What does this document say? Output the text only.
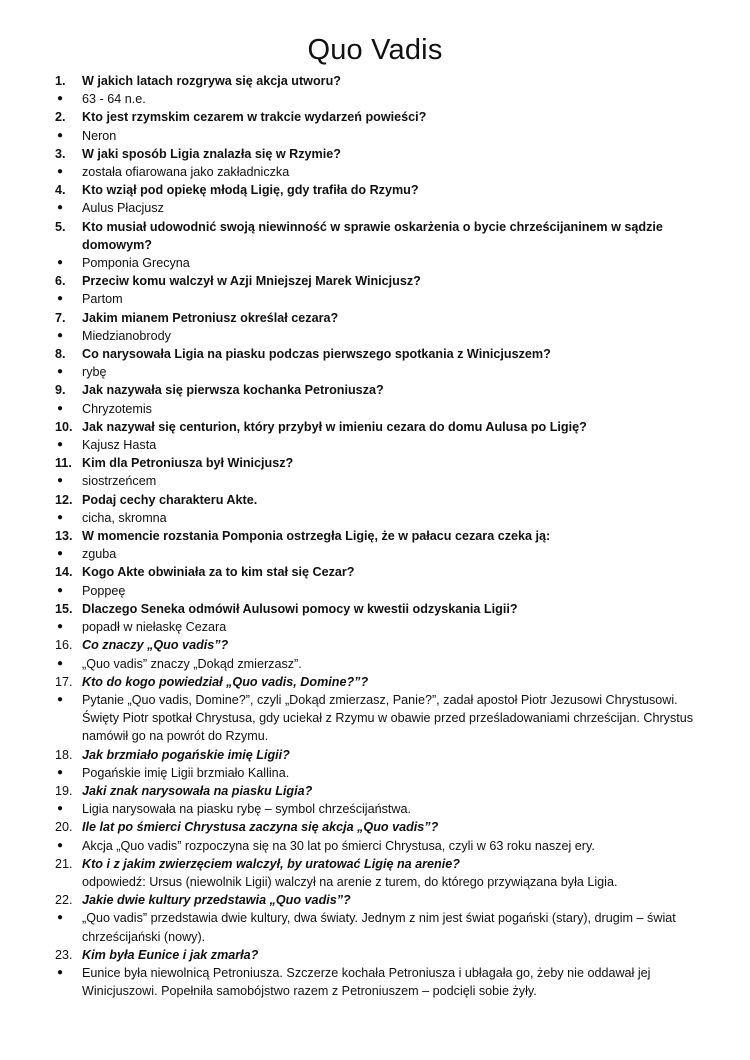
Quo Vadis
1.	W jakich latach rozgrywa się akcja utworu?
●	63 - 64 n.e.
2.	Kto jest rzymskim cezarem w trakcie wydarzeń powieści?
●	Neron
3.	W jaki sposób Ligia znalazła się w Rzymie?
●	została ofiarowana jako zakładniczka
4.	Kto wziął pod opiekę młodą Ligię, gdy trafiła do Rzymu?
●	Aulus Płacjusz
5.	Kto musiał udowodnić swoją niewinność w sprawie oskarżenia o bycie chrześcijaninem w sądzie domowym?
●	Pomponia Grecyna
6.	Przeciw komu walczył w Azji Mniejszej Marek Winicjusz?
●	Partom
7.	Jakim mianem Petroniusz określał cezara?
●	Miedzianobrody
8.	Co narysowała Ligia na piasku podczas pierwszego spotkania z Winicjuszem?
●	rybę
9.	Jak nazywała się pierwsza kochanka Petroniusza?
●	Chryzotemis
10. Jak nazywał się centurion, który przybył w imieniu cezara do domu Aulusa po Ligię?
●	Kajusz Hasta
11. Kim dla Petroniusza był Winicjusz?
●	siostrzeńcem
12. Podaj cechy charakteru Akte.
●	cicha, skromna
13. W momencie rozstania Pomponia ostrzegła Ligię, że w pałacu cezara czeka ją:
●	zguba
14. Kogo Akte obwiniała za to kim stał się Cezar?
●	Poppeę
15. Dlaczego Seneka odmówił Aulusowi pomocy w kwestii odzyskania Ligii?
●	popadł w niełaskę Cezara
16. Co znaczy „Quo vadis”?
●	„Quo vadis” znaczy „Dokąd zmierzasz”.
17. Kto do kogo powiedział „Quo vadis, Domine?”?
●	Pytanie „Quo vadis, Domine?”, czyli „Dokąd zmierzasz, Panie?”, zadał apostoł Piotr Jezusowi Chrystusowi. Święty Piotr spotkał Chrystusa, gdy uciekał z Rzymu w obawie przed prześladowaniami chrześcijan. Chrystus namówił go na powrót do Rzymu.
18. Jak brzmiało pogańskie imię Ligii?
●	Pogańskie imię Ligii brzmiało Kallina.
19. Jaki znak narysowała na piasku Ligia?
●	Ligia narysowała na piasku rybę – symbol chrześcijaństwa.
20. Ile lat po śmierci Chrystusa zaczyna się akcja „Quo vadis”?
●	Akcja „Quo vadis” rozpoczyna się na 30 lat po śmierci Chrystusa, czyli w 63 roku naszej ery.
21. Kto i z jakim zwierzęciem walczył, by uratować Ligię na arenie?
odpowiedź: Ursus (niewolnik Ligii) walczył na arenie z turem, do którego przywiązana była Ligia.
22. Jakie dwie kultury przedstawia „Quo vadis”?
●	„Quo vadis” przedstawia dwie kultury, dwa światy. Jednym z nim jest świat pogański (stary), drugim – świat chrześcijański (nowy).
23. Kim była Eunice i jak zmarła?
●	Eunice była niewolnicą Petroniusza. Szczerze kochała Petroniusza i ubłagała go, żeby nie oddawał jej Winicjuszowi. Popełniła samobójstwo razem z Petroniuszem – podcięli sobie żyły.
